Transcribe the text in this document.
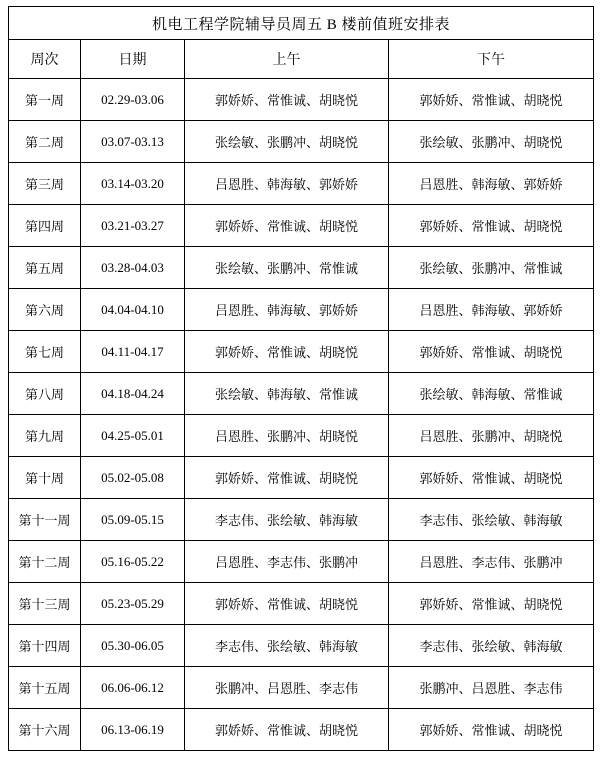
机电工程学院辅导员周五 B 楼前值班安排表			
周次	日期	上午	下午
第一周	02.29-03.06	郭娇娇、常惟诚、胡晓悦	郭娇娇、常惟诚、胡晓悦
第二周	03.07-03.13	张绘敏、张鹏冲、胡晓悦	张绘敏、张鹏冲、胡晓悦
第三周	03.14-03.20	吕恩胜、韩海敏、郭娇娇	吕恩胜、韩海敏、郭娇娇
第四周	03.21-03.27	郭娇娇、常惟诚、胡晓悦	郭娇娇、常惟诚、胡晓悦
第五周	03.28-04.03	张绘敏、张鹏冲、常惟诚	张绘敏、张鹏冲、常惟诚
第六周	04.04-04.10	吕恩胜、韩海敏、郭娇娇	吕恩胜、韩海敏、郭娇娇
第七周	04.11-04.17	郭娇娇、常惟诚、胡晓悦	郭娇娇、常惟诚、胡晓悦
第八周	04.18-04.24	张绘敏、韩海敏、常惟诚	张绘敏、韩海敏、常惟诚
第九周	04.25-05.01	吕恩胜、张鹏冲、胡晓悦	吕恩胜、张鹏冲、胡晓悦
第十周	05.02-05.08	郭娇娇、常惟诚、胡晓悦	郭娇娇、常惟诚、胡晓悦
第十一周	05.09-05.15	李志伟、张绘敏、韩海敏	李志伟、张绘敏、韩海敏
第十二周	05.16-05.22	吕恩胜、李志伟、张鹏冲	吕恩胜、李志伟、张鹏冲
第十三周	05.23-05.29	郭娇娇、常惟诚、胡晓悦	郭娇娇、常惟诚、胡晓悦
第十四周	05.30-06.05	李志伟、张绘敏、韩海敏	李志伟、张绘敏、韩海敏
第十五周	06.06-06.12	张鹏冲、吕恩胜、李志伟	张鹏冲、吕恩胜、李志伟
第十六周	06.13-06.19	郭娇娇、常惟诚、胡晓悦	郭娇娇、常惟诚、胡晓悦
